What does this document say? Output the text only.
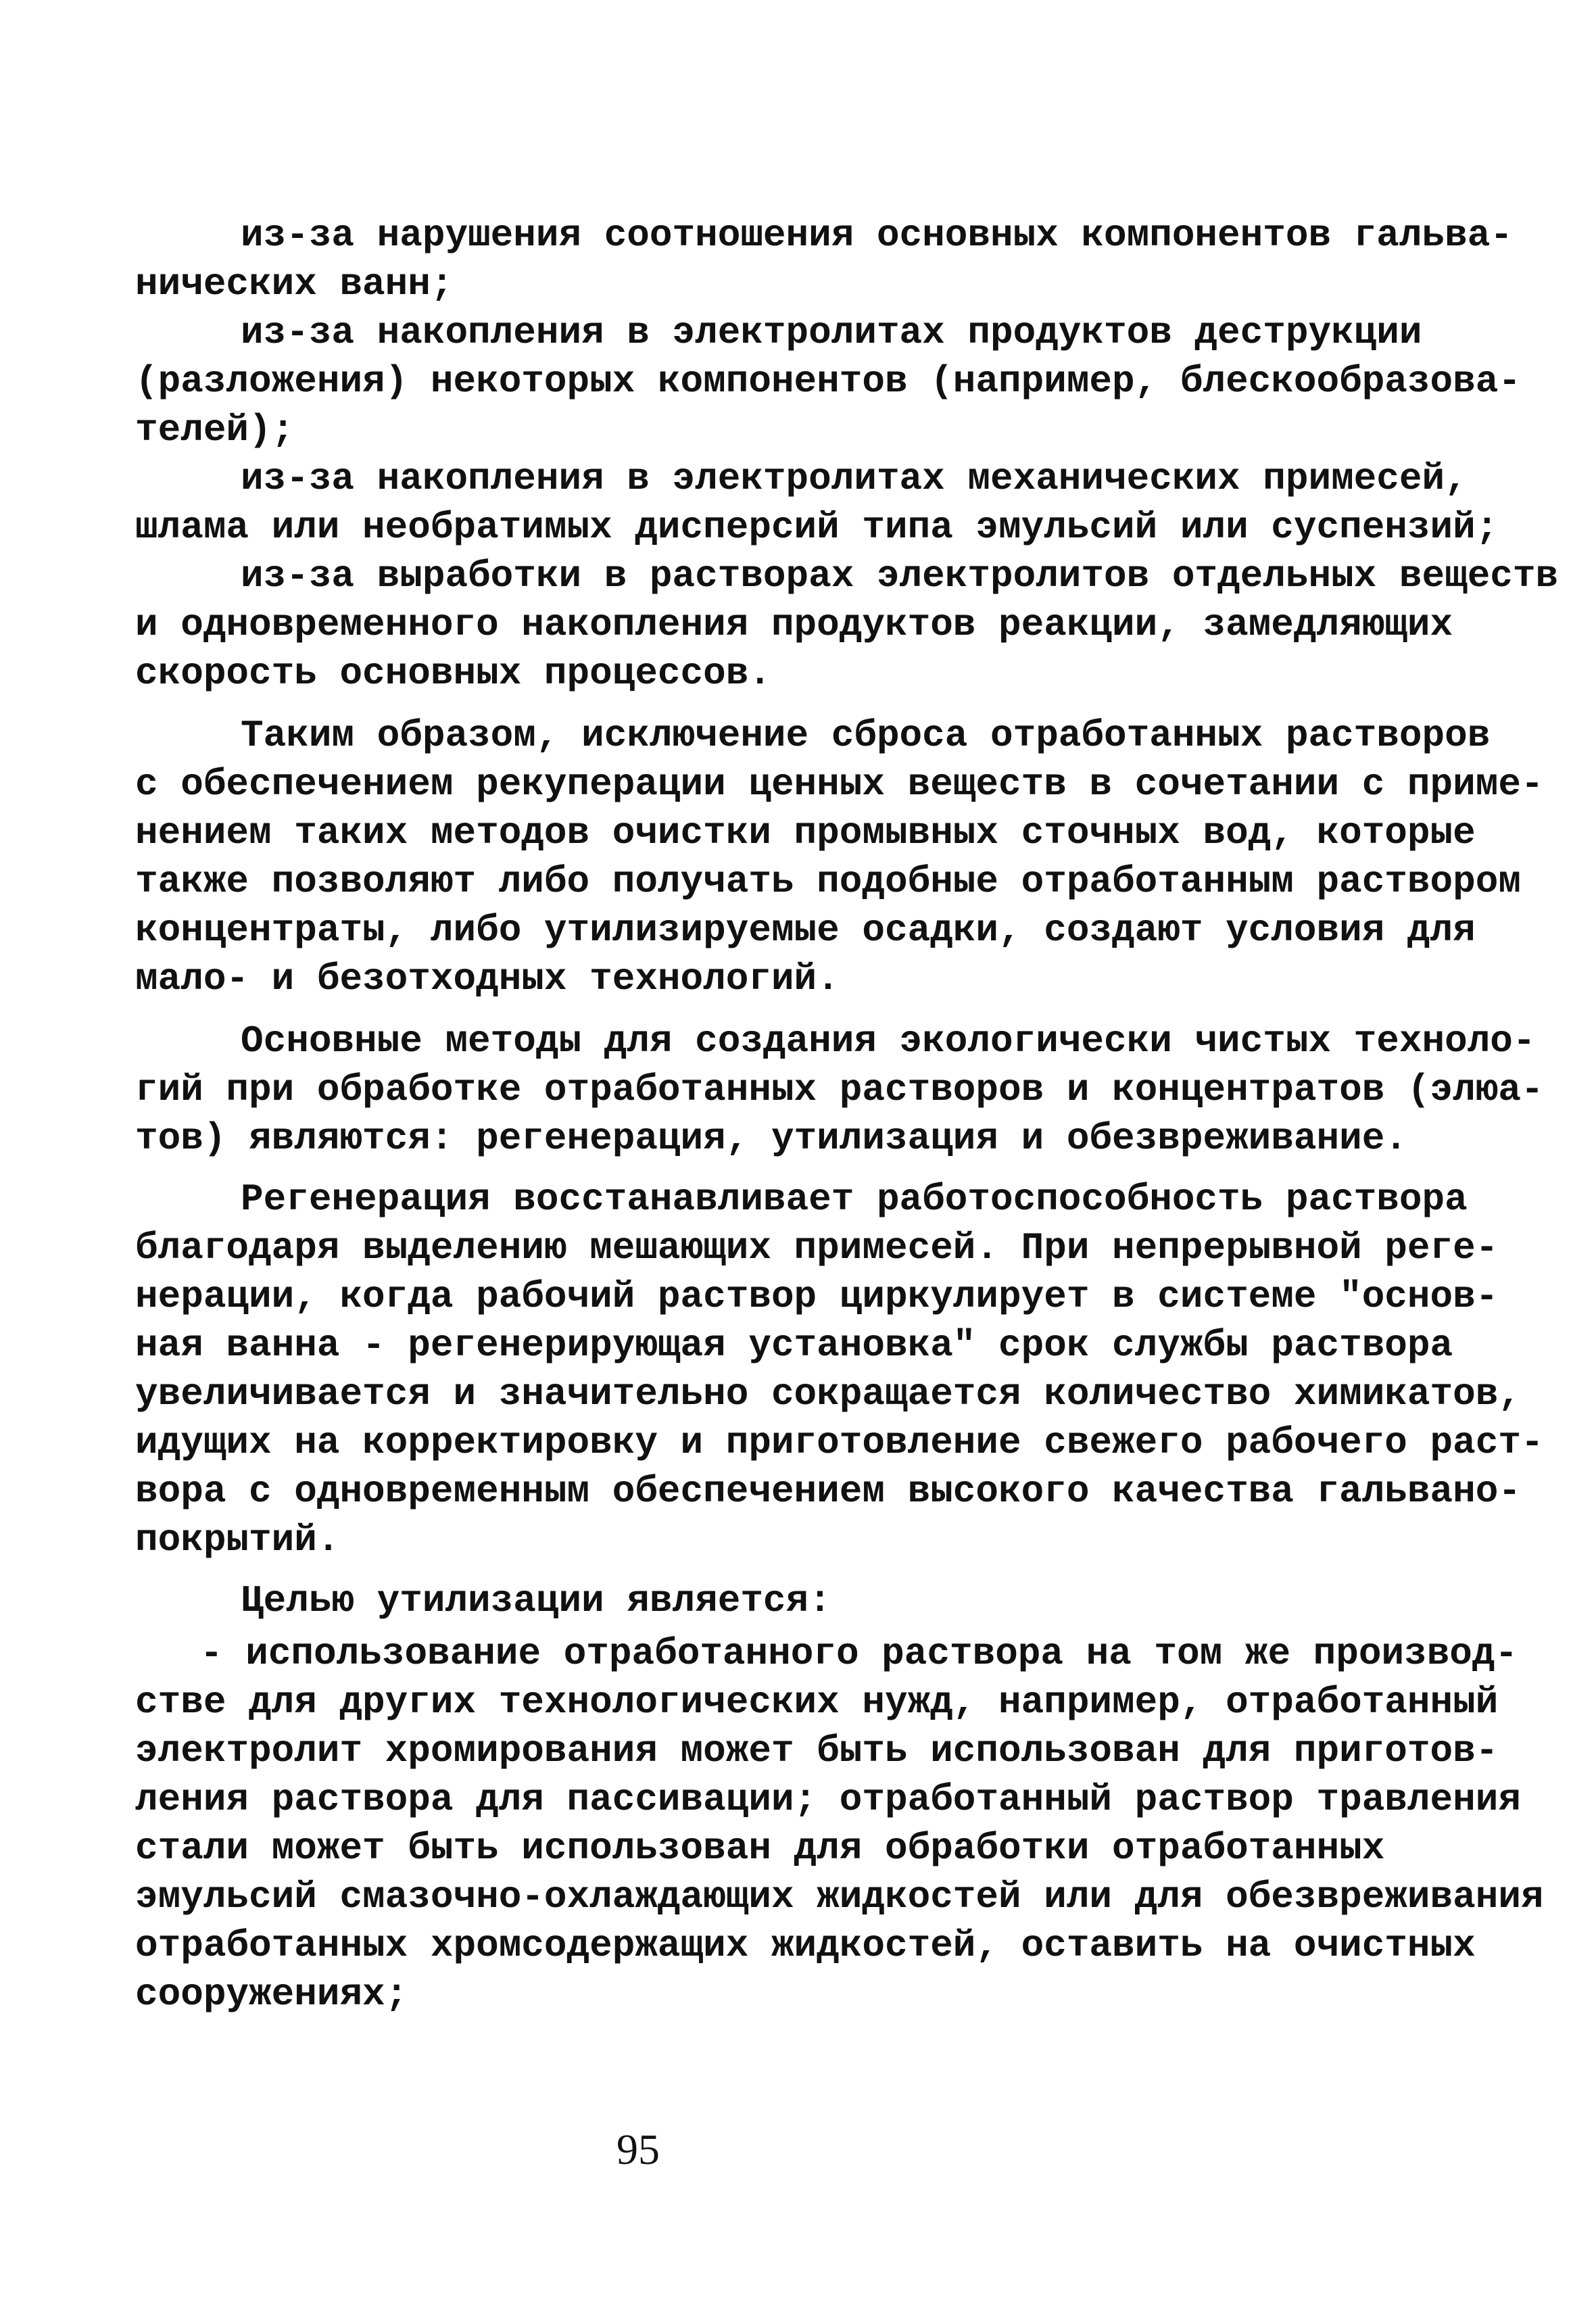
из-за нарушения соотношения основных компонентов гальва-
нических ванн;
из-за накопления в электролитах продуктов деструкции
(разложения) некоторых компонентов (например, блескообразова-
телей);
из-за накопления в электролитах механических примесей,
шлама или необратимых дисперсий типа эмульсий или суспензий;
из-за выработки в растворах электролитов отдельных веществ
и одновременного накопления продуктов реакции, замедляющих
скорость основных процессов.
Таким образом, исключение сброса отработанных растворов
с обеспечением рекуперации ценных веществ в сочетании с приме-
нением таких методов очистки промывных сточных вод, которые
также позволяют либо получать подобные отработанным раствором
концентраты, либо утилизируемые осадки, создают условия для
мало- и безотходных технологий.
Основные методы для создания экологически чистых техноло-
гий при обработке отработанных растворов и концентратов (элюа-
тов) являются: регенерация, утилизация и обезвреживание.
Регенерация восстанавливает работоспособность раствора
благодаря выделению мешающих примесей. При непрерывной реге-
нерации, когда рабочий раствор циркулирует в системе "основ-
ная ванна - регенерирующая установка" срок службы раствора
увеличивается и значительно сокращается количество химикатов,
идущих на корректировку и приготовление свежего рабочего раст-
вора с одновременным обеспечением высокого качества гальвано-
покрытий.
Целью утилизации является:
- использование отработанного раствора на том же производ-
стве для других технологических нужд, например, отработанный
электролит хромирования может быть использован для приготов-
ления раствора для пассивации; отработанный раствор травления
стали может быть использован для обработки отработанных
эмульсий смазочно-охлаждающих жидкостей или для обезвреживания
отработанных хромсодержащих жидкостей, оставить на очистных
сооружениях;
95
